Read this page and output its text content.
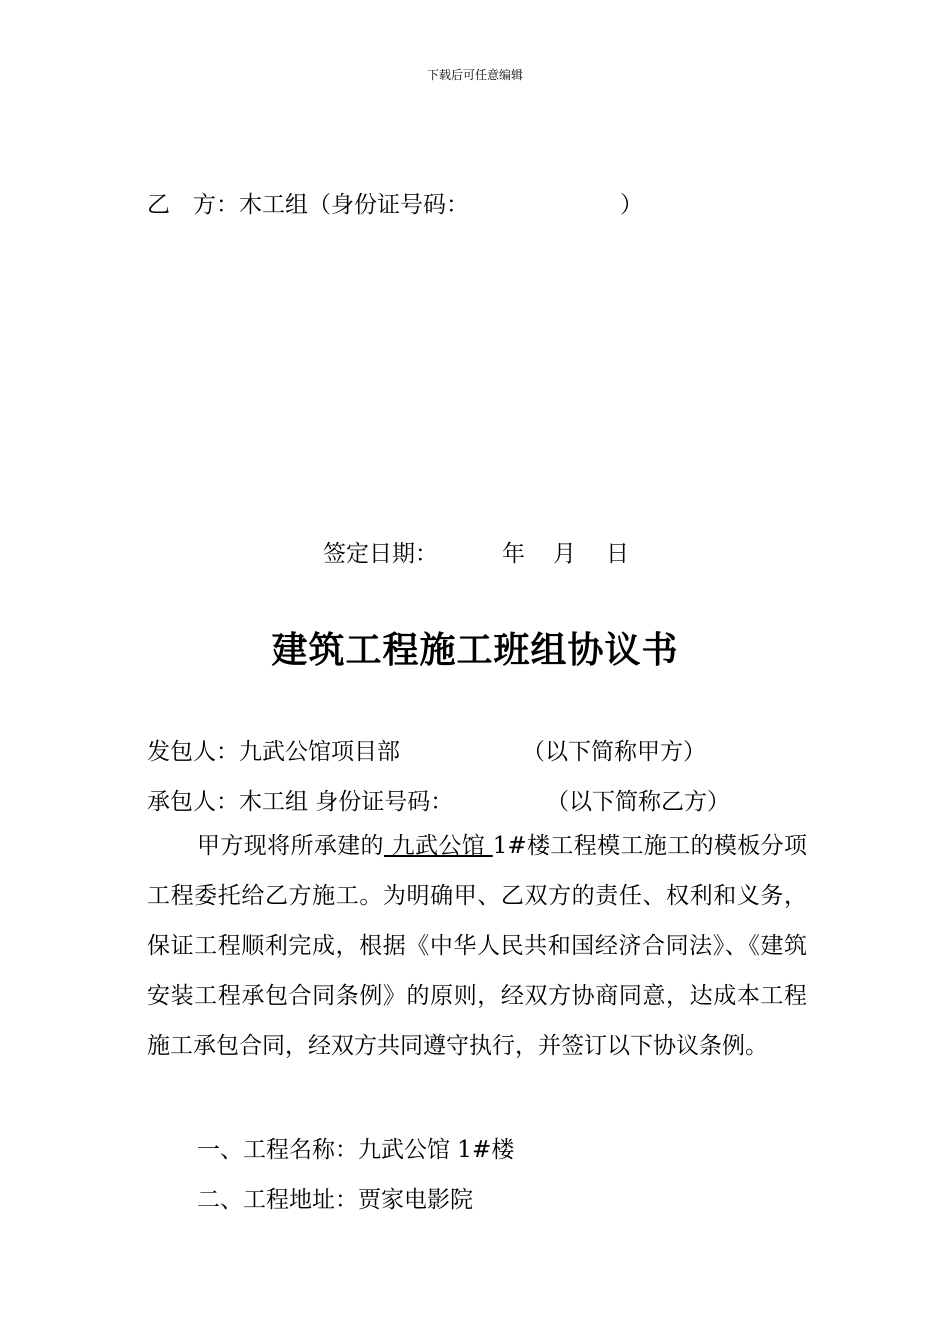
下载后可任意编辑
乙　方：木工组（身份证号码：	）
签定日期：	年 月 日
建筑工程施工班组协议书
发包人：九武公馆项目部	（以下简称甲方）
承包人：木工组 身份证号码：	（以下简称乙方）
甲方现将所承建的 九武公馆 1#楼工程模工施工的模板分项工程委托给乙方施工。为明确甲、乙双方的责任、权利和义务，保证工程顺利完成，根据《中华人民共和国经济合同法》、《建筑安装工程承包合同条例》的原则，经双方协商同意，达成本工程施工承包合同，经双方共同遵守执行，并签订以下协议条例。
一、工程名称：九武公馆 1#楼
二、工程地址：贾家电影院
